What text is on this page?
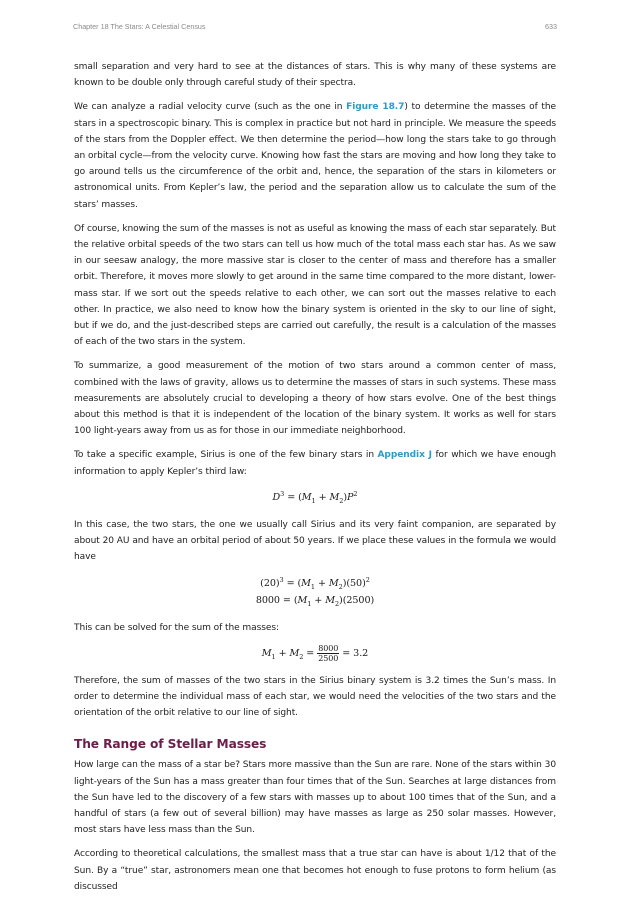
Chapter 18 The Stars: A Celestial Census	633

small separation and very hard to see at the distances of stars. This is why many of these systems are known to be double only through careful study of their spectra.

We can analyze a radial velocity curve (such as the one in Figure 18.7) to determine the masses of the stars in a spectroscopic binary. This is complex in practice but not hard in principle. We measure the speeds of the stars from the Doppler effect. We then determine the period—how long the stars take to go through an orbital cycle—from the velocity curve. Knowing how fast the stars are moving and how long they take to go around tells us the circumference of the orbit and, hence, the separation of the stars in kilometers or astronomical units. From Kepler’s law, the period and the separation allow us to calculate the sum of the stars’ masses.

Of course, knowing the sum of the masses is not as useful as knowing the mass of each star separately. But the relative orbital speeds of the two stars can tell us how much of the total mass each star has. As we saw in our seesaw analogy, the more massive star is closer to the center of mass and therefore has a smaller orbit. Therefore, it moves more slowly to get around in the same time compared to the more distant, lower-mass star. If we sort out the speeds relative to each other, we can sort out the masses relative to each other. In practice, we also need to know how the binary system is oriented in the sky to our line of sight, but if we do, and the just-described steps are carried out carefully, the result is a calculation of the masses of each of the two stars in the system.

To summarize, a good measurement of the motion of two stars around a common center of mass, combined with the laws of gravity, allows us to determine the masses of stars in such systems. These mass measurements are absolutely crucial to developing a theory of how stars evolve. One of the best things about this method is that it is independent of the location of the binary system. It works as well for stars 100 light-years away from us as for those in our immediate neighborhood.

To take a specific example, Sirius is one of the few binary stars in Appendix J for which we have enough information to apply Kepler’s third law:

$D^3 = (M_1 + M_2)P^2$

In this case, the two stars, the one we usually call Sirius and its very faint companion, are separated by about 20 AU and have an orbital period of about 50 years. If we place these values in the formula we would have

$(20)^3 = (M_1 + M_2)(50)^2$
$8000 = (M_1 + M_2)(2500)$

This can be solved for the sum of the masses:

$M_1 + M_2 = \frac{8000}{2500} = 3.2$

Therefore, the sum of masses of the two stars in the Sirius binary system is 3.2 times the Sun’s mass. In order to determine the individual mass of each star, we would need the velocities of the two stars and the orientation of the orbit relative to our line of sight.

The Range of Stellar Masses

How large can the mass of a star be? Stars more massive than the Sun are rare. None of the stars within 30 light-years of the Sun has a mass greater than four times that of the Sun. Searches at large distances from the Sun have led to the discovery of a few stars with masses up to about 100 times that of the Sun, and a handful of stars (a few out of several billion) may have masses as large as 250 solar masses. However, most stars have less mass than the Sun.

According to theoretical calculations, the smallest mass that a true star can have is about 1/12 that of the Sun. By a “true” star, astronomers mean one that becomes hot enough to fuse protons to form helium (as discussed
